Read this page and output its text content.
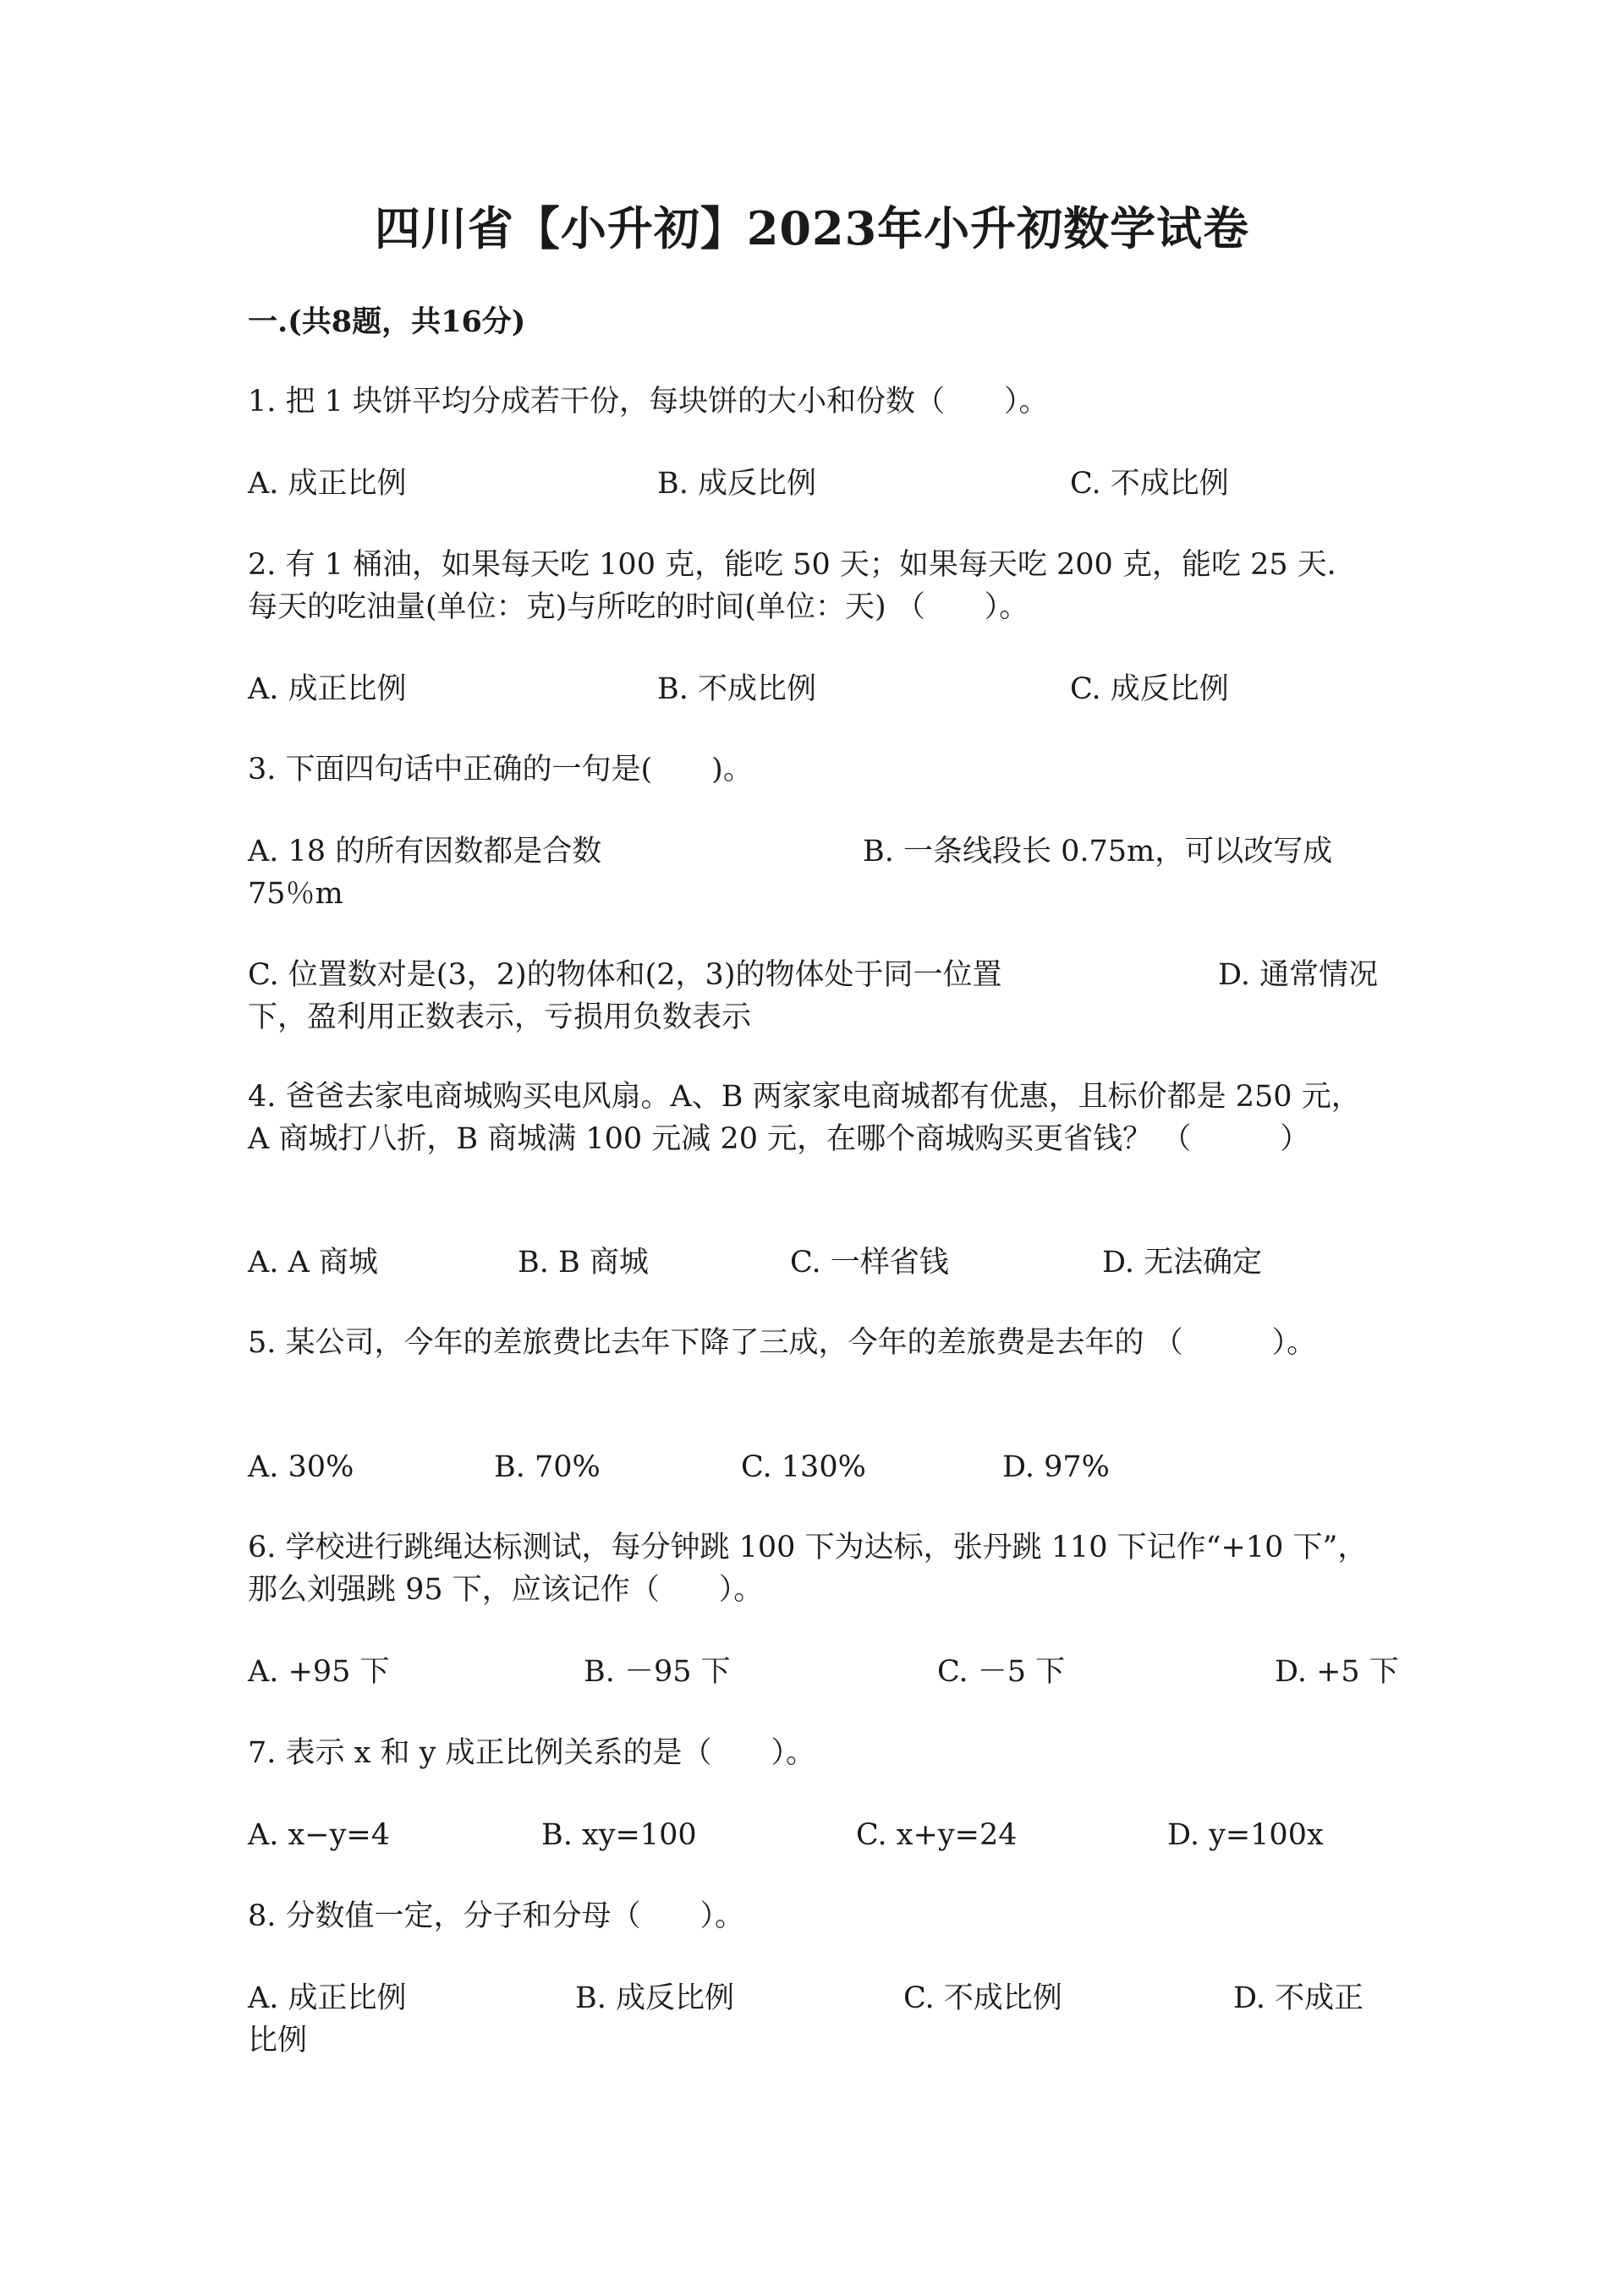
四川省【小升初】2023年小升初数学试卷
一.(共8题，共16分)
1. 把 1 块饼平均分成若干份，每块饼的大小和份数（　　）。
A. 成正比例	B. 成反比例	C. 不成比例
2. 有 1 桶油，如果每天吃 100 克，能吃 50 天；如果每天吃 200 克，能吃 25 天．每天的吃油量(单位：克)与所吃的时间(单位：天) （　　）。
A. 成正比例	B. 不成比例	C. 成反比例
3. 下面四句话中正确的一句是(　　)。
A. 18 的所有因数都是合数	B. 一条线段长 0.75m，可以改写成
75％m
C. 位置数对是(3，2)的物体和(2，3)的物体处于同一位置	D. 通常情况
下，盈利用正数表示，亏损用负数表示
4. 爸爸去家电商城购买电风扇。A、B 两家家电商城都有优惠，且标价都是 250 元，A 商城打八折，B 商城满 100 元减 20 元，在哪个商城购买更省钱？ （　　　）
A. A 商城	B. B 商城	C. 一样省钱	D. 无法确定
5. 某公司，今年的差旅费比去年下降了三成，今年的差旅费是去年的 （　　　）。
A. 30%	B. 70%	C. 130%	D. 97%
6. 学校进行跳绳达标测试，每分钟跳 100 下为达标，张丹跳 110 下记作“+10 下”，那么刘强跳 95 下，应该记作（　　）。
A. +95 下	B. －95 下	C. －5 下	D. +5 下
7. 表示 x 和 y 成正比例关系的是（　　）。
A. x−y=4	B. xy=100	C. x+y=24	D. y=100x
8. 分数值一定，分子和分母（　　）。
A. 成正比例	B. 成反比例	C. 不成比例	D. 不成正
比例
